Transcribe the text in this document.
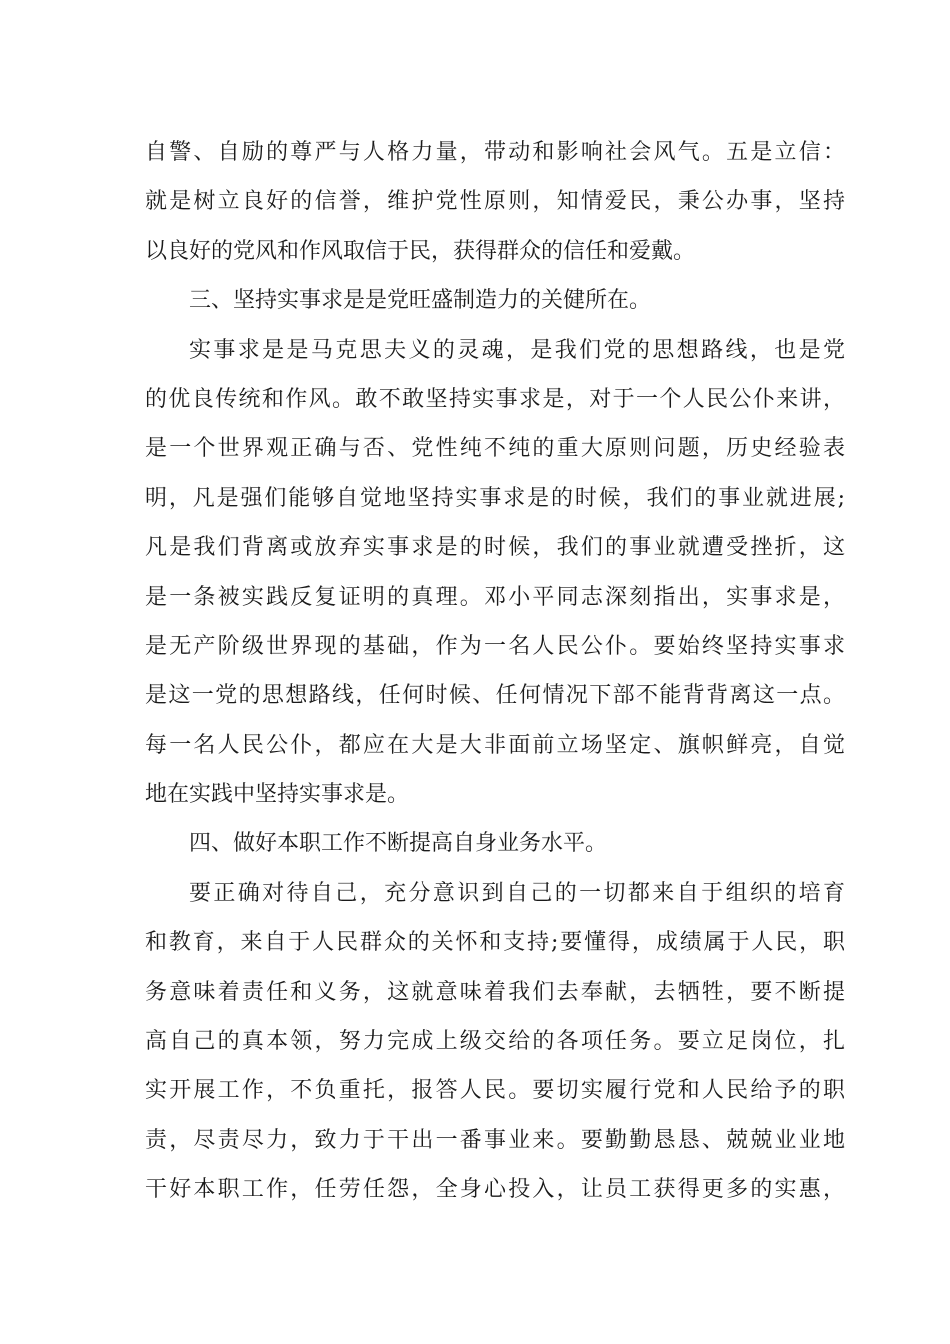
自警、自励的尊严与人格力量，带动和影响社会风气。五是立信：
就是树立良好的信誉，维护党性原则，知情爱民，秉公办事，坚持
以良好的党风和作风取信于民，获得群众的信任和爱戴。
三、坚持实事求是是党旺盛制造力的关健所在。
实事求是是马克思夫义的灵魂，是我们党的思想路线，也是党
的优良传统和作风。敢不敢坚持实事求是，对于一个人民公仆来讲，
是一个世界观正确与否、党性纯不纯的重大原则问题，历史经验表
明，凡是强们能够自觉地坚持实事求是的时候，我们的事业就进展;
凡是我们背离或放弃实事求是的时候，我们的事业就遭受挫折，这
是一条被实践反复证明的真理。邓小平同志深刻指出，实事求是，
是无产阶级世界现的基础，作为一名人民公仆。要始终坚持实事求
是这一党的思想路线，任何时候、任何情况下部不能背背离这一点。
每一名人民公仆，都应在大是大非面前立场坚定、旗帜鲜亮，自觉
地在实践中坚持实事求是。
四、做好本职工作不断提高自身业务水平。
要正确对待自己，充分意识到自己的一切都来自于组织的培育
和教育，来自于人民群众的关怀和支持;要懂得，成绩属于人民，职
务意味着责任和义务，这就意味着我们去奉献，去牺牲，要不断提
高自己的真本领，努力完成上级交给的各项任务。要立足岗位，扎
实开展工作，不负重托，报答人民。要切实履行党和人民给予的职
责，尽责尽力，致力于干出一番事业来。要勤勤恳恳、兢兢业业地
干好本职工作，任劳任怨，全身心投入，让员工获得更多的实惠，
